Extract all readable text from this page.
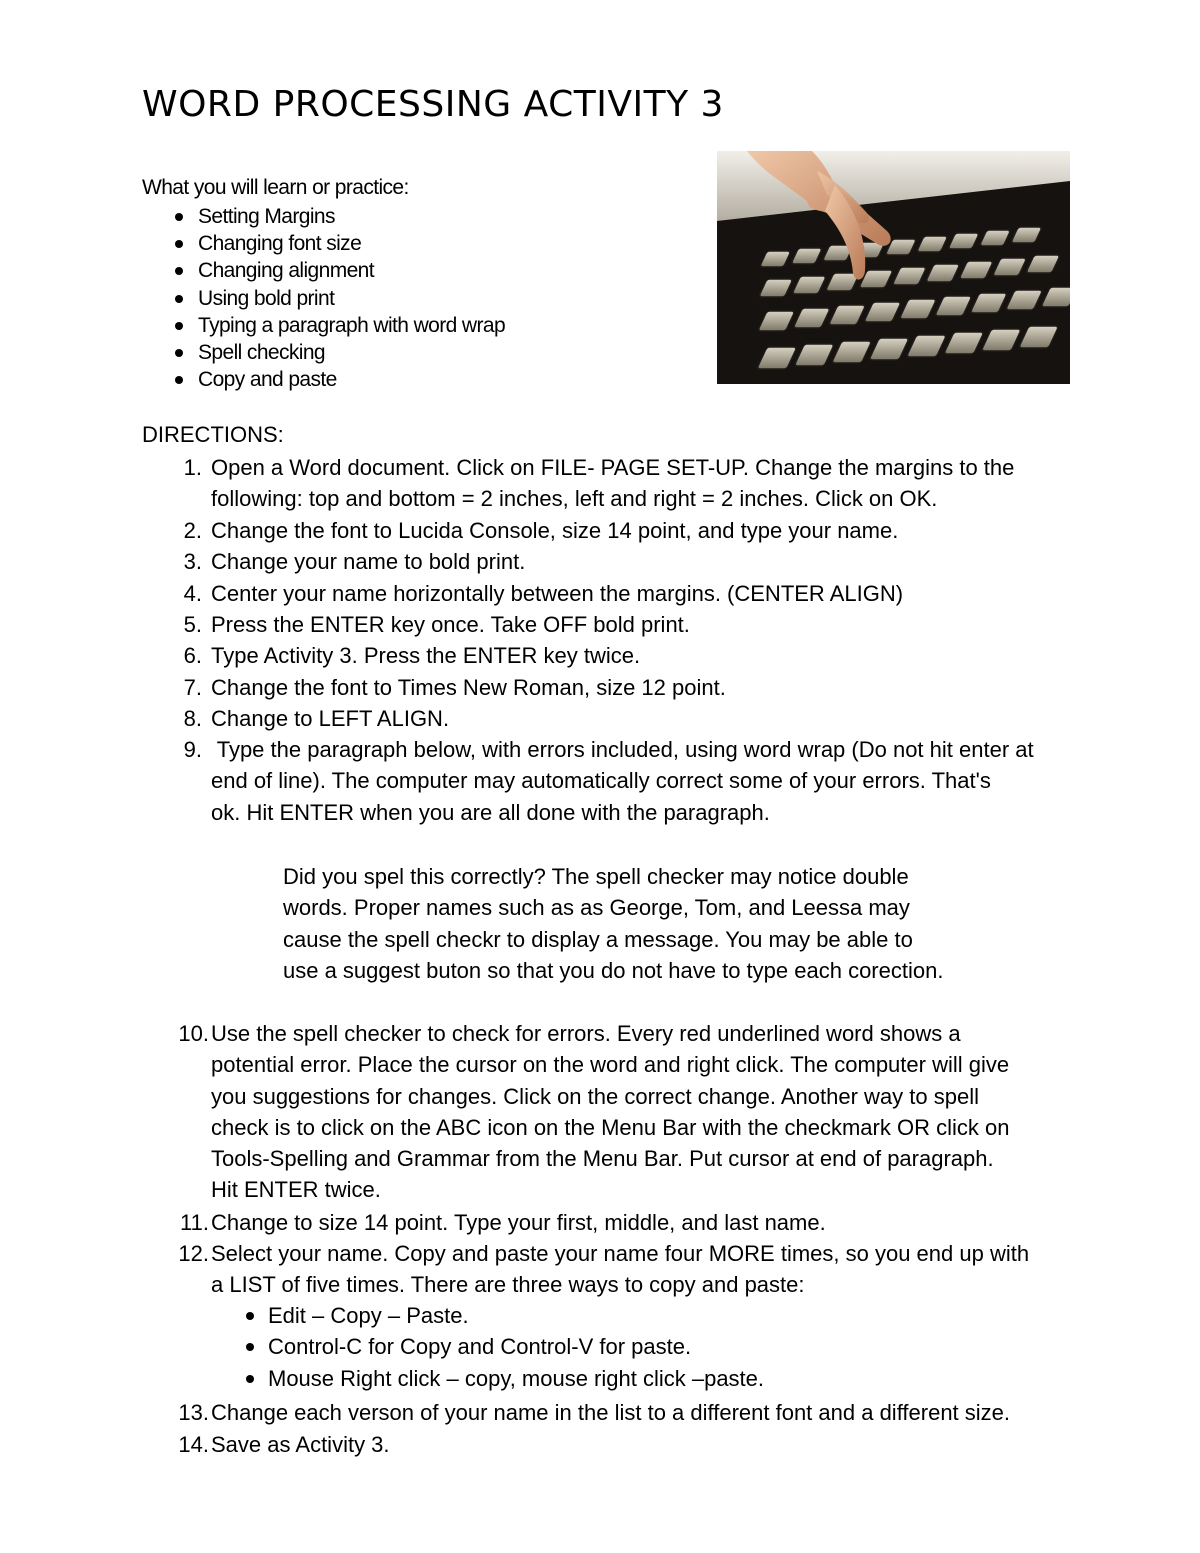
WORD PROCESSING ACTIVITY 3
What you will learn or practice:
Setting Margins
Changing font size
Changing alignment
Using bold print
Typing a paragraph with word wrap
Spell checking
Copy and paste
DIRECTIONS:
1. Open a Word document. Click on FILE- PAGE SET-UP. Change the margins to the
following: top and bottom = 2 inches, left and right = 2 inches. Click on OK.
2. Change the font to Lucida Console, size 14 point, and type your name.
3. Change your name to bold print.
4. Center your name horizontally between the margins. (CENTER ALIGN)
5. Press the ENTER key once. Take OFF bold print.
6. Type Activity 3. Press the ENTER key twice.
7. Change the font to Times New Roman, size 12 point.
8. Change to LEFT ALIGN.
9. Type the paragraph below, with errors included, using word wrap (Do not hit enter at
end of line). The computer may automatically correct some of your errors. That's
ok. Hit ENTER when you are all done with the paragraph.
Did you spel this correctly? The spell checker may notice double
words. Proper names such as as George, Tom, and Leessa may
cause the spell checkr to display a message. You may be able to
use a suggest buton so that you do not have to type each corection.
10. Use the spell checker to check for errors. Every red underlined word shows a
potential error. Place the cursor on the word and right click. The computer will give
you suggestions for changes. Click on the correct change. Another way to spell
check is to click on the ABC icon on the Menu Bar with the checkmark OR click on
Tools-Spelling and Grammar from the Menu Bar. Put cursor at end of paragraph.
Hit ENTER twice.
11. Change to size 14 point. Type your first, middle, and last name.
12. Select your name. Copy and paste your name four MORE times, so you end up with
a LIST of five times. There are three ways to copy and paste:
Edit – Copy – Paste.
Control-C for Copy and Control-V for paste.
Mouse Right click – copy, mouse right click –paste.
13. Change each verson of your name in the list to a different font and a different size.
14. Save as Activity 3.
